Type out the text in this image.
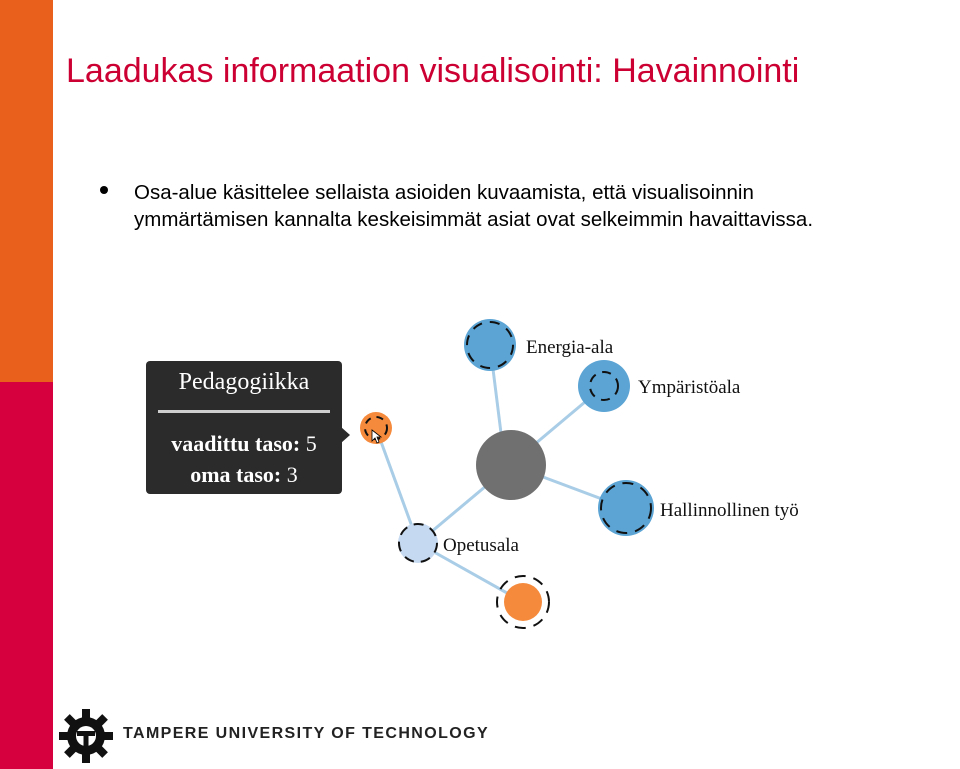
Laadukas informaation visualisointi: Havainnointi
Osa-alue käsittelee sellaista asioiden kuvaamista, että visualisoinnin
ymmärtämisen kannalta keskeisimmät asiat ovat selkeimmin havaittavissa.
Energia-ala
Ympäristöala
Hallinnollinen työ
Opetusala
Pedagogiikka
vaadittu taso: 5
oma taso: 3
TAMPERE UNIVERSITY OF TECHNOLOGY
